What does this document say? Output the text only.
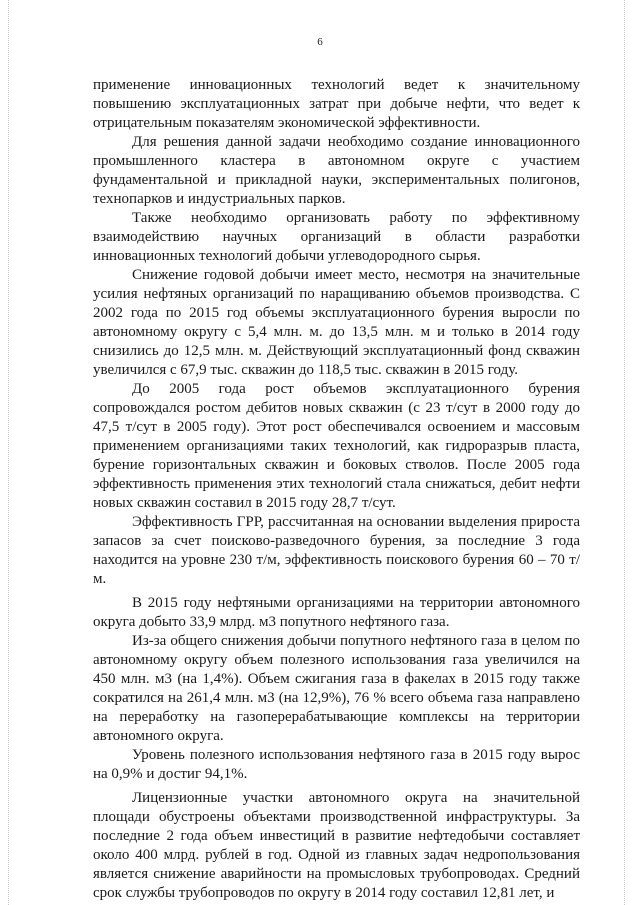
6

применение инновационных технологий ведет к значительному повышению эксплуатационных затрат при добыче нефти, что ведет к отрицательным показателям экономической эффективности.

Для решения данной задачи необходимо создание инновационного промышленного кластера в автономном округе с участием фундаментальной и прикладной науки, экспериментальных полигонов, технопарков и индустриальных парков.

Также необходимо организовать работу по эффективному взаимодействию научных организаций в области разработки инновационных технологий добычи углеводородного сырья.

Снижение годовой добычи имеет место, несмотря на значительные усилия нефтяных организаций по наращиванию объемов производства. С 2002 года по 2015 год объемы эксплуатационного бурения выросли по автономному округу с 5,4 млн. м. до 13,5 млн. м и только в 2014 году снизились до 12,5 млн. м. Действующий эксплуатационный фонд скважин увеличился с 67,9 тыс. скважин до 118,5 тыс. скважин в 2015 году.

До 2005 года рост объемов эксплуатационного бурения сопровождался ростом дебитов новых скважин (с 23 т/сут в 2000 году до 47,5 т/сут в 2005 году). Этот рост обеспечивался освоением и массовым применением организациями таких технологий, как гидроразрыв пласта, бурение горизонтальных скважин и боковых стволов. После 2005 года эффективность применения этих технологий стала снижаться, дебит нефти новых скважин составил в 2015 году 28,7 т/сут.

Эффективность ГРР, рассчитанная на основании выделения прироста запасов за счет поисково-разведочного бурения, за последние 3 года находится на уровне 230 т/м, эффективность поискового бурения 60 – 70 т/м.

В 2015 году нефтяными организациями на территории автономного округа добыто 33,9 млрд. м3 попутного нефтяного газа.

Из-за общего снижения добычи попутного нефтяного газа в целом по автономному округу объем полезного использования газа увеличился на 450 млн. м3 (на 1,4%). Объем сжигания газа в факелах в 2015 году также сократился на 261,4 млн. м3 (на 12,9%), 76 % всего объема газа направлено на переработку на газоперерабатывающие комплексы на территории автономного округа.

Уровень полезного использования нефтяного газа в 2015 году вырос на 0,9% и достиг 94,1%.

Лицензионные участки автономного округа на значительной площади обустроены объектами производственной инфраструктуры. За последние 2 года объем инвестиций в развитие нефтедобычи составляет около 400 млрд. рублей в год. Одной из главных задач недропользования является снижение аварийности на промысловых трубопроводах. Средний срок службы трубопроводов по округу в 2014 году составил 12,81 лет, и
